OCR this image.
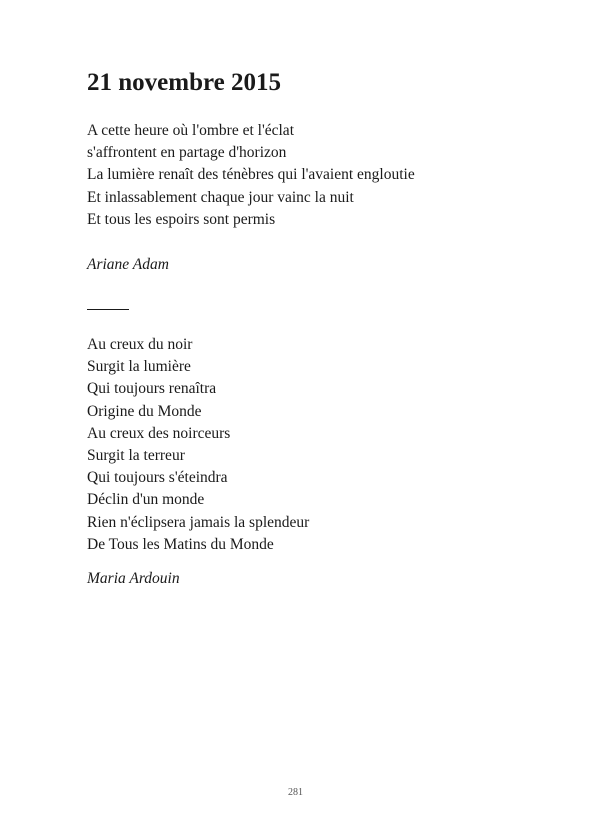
21 novembre 2015
A cette heure où l'ombre et l'éclat
s'affrontent en partage d'horizon
La lumière renaît des ténèbres qui l'avaient engloutie
Et inlassablement chaque jour vainc la nuit
Et tous les espoirs sont permis

Ariane Adam

Au creux du noir
Surgit la lumière
Qui toujours renaîtra
Origine du Monde
Au creux des noirceurs
Surgit la terreur
Qui toujours s'éteindra
Déclin d'un monde
Rien n'éclipsera jamais la splendeur
De Tous les Matins du Monde

Maria Ardouin

281
